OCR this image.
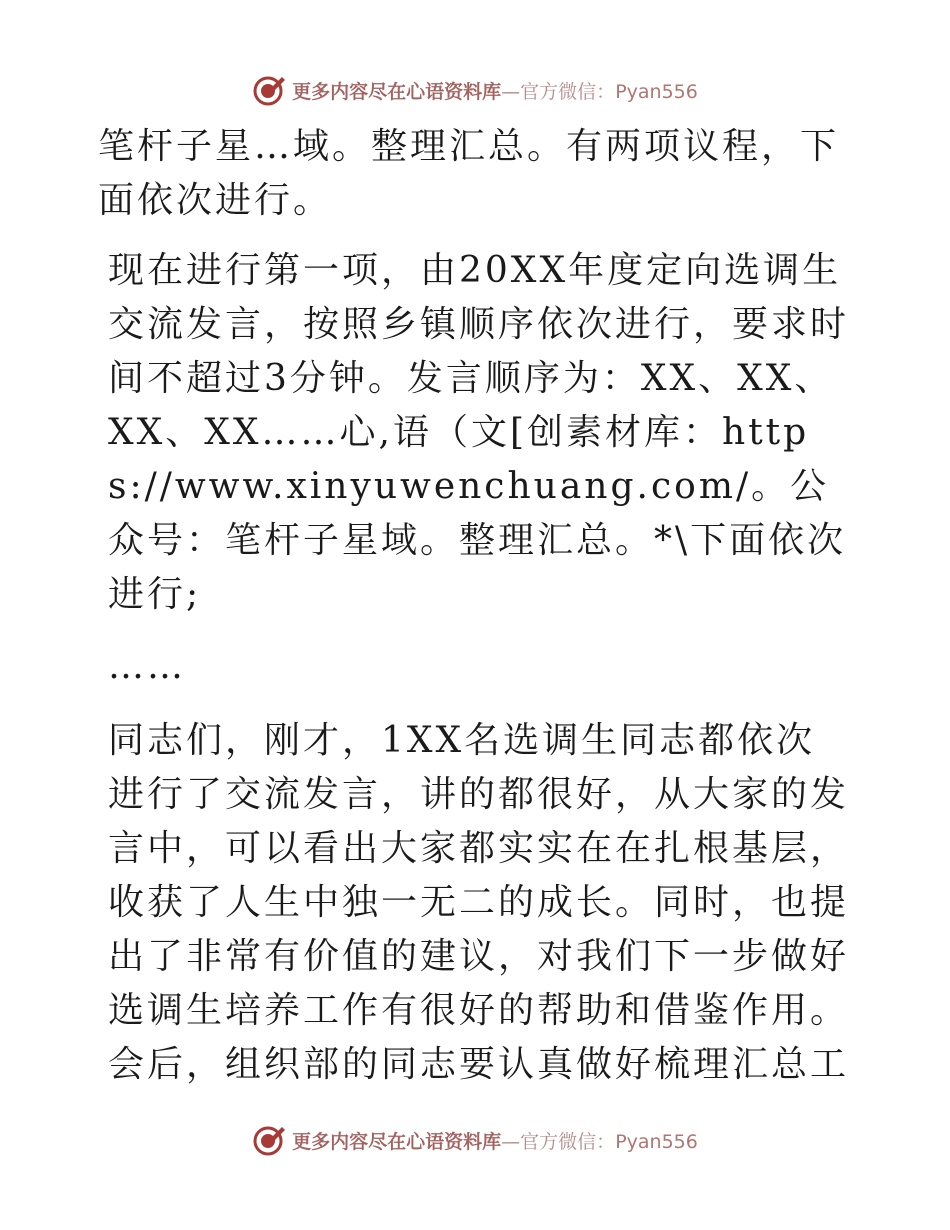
更多内容尽在心语资料库—官方微信：Pyan556

笔杆子星…域。整理汇总。有两项议程，下面依次进行。

现在进行第一项，由20XX年度定向选调生交流发言，按照乡镇顺序依次进行，要求时间不超过3分钟。发言顺序为：XX、XX、XX、XX……心,语（文[创素材库：https://www.xinyuwenchuang.com/。公众号：笔杆子星域。整理汇总。*\下面依次进行;

……

同志们，刚才，1XX名选调生同志都依次进行了交流发言，讲的都很好，从大家的发言中，可以看出大家都实实在在扎根基层，收获了人生中独一无二的成长。同时，也提出了非常有价值的建议，对我们下一步做好选调生培养工作有很好的帮助和借鉴作用。会后，组织部的同志要认真做好梳理汇总工

更多内容尽在心语资料库—官方微信：Pyan556
